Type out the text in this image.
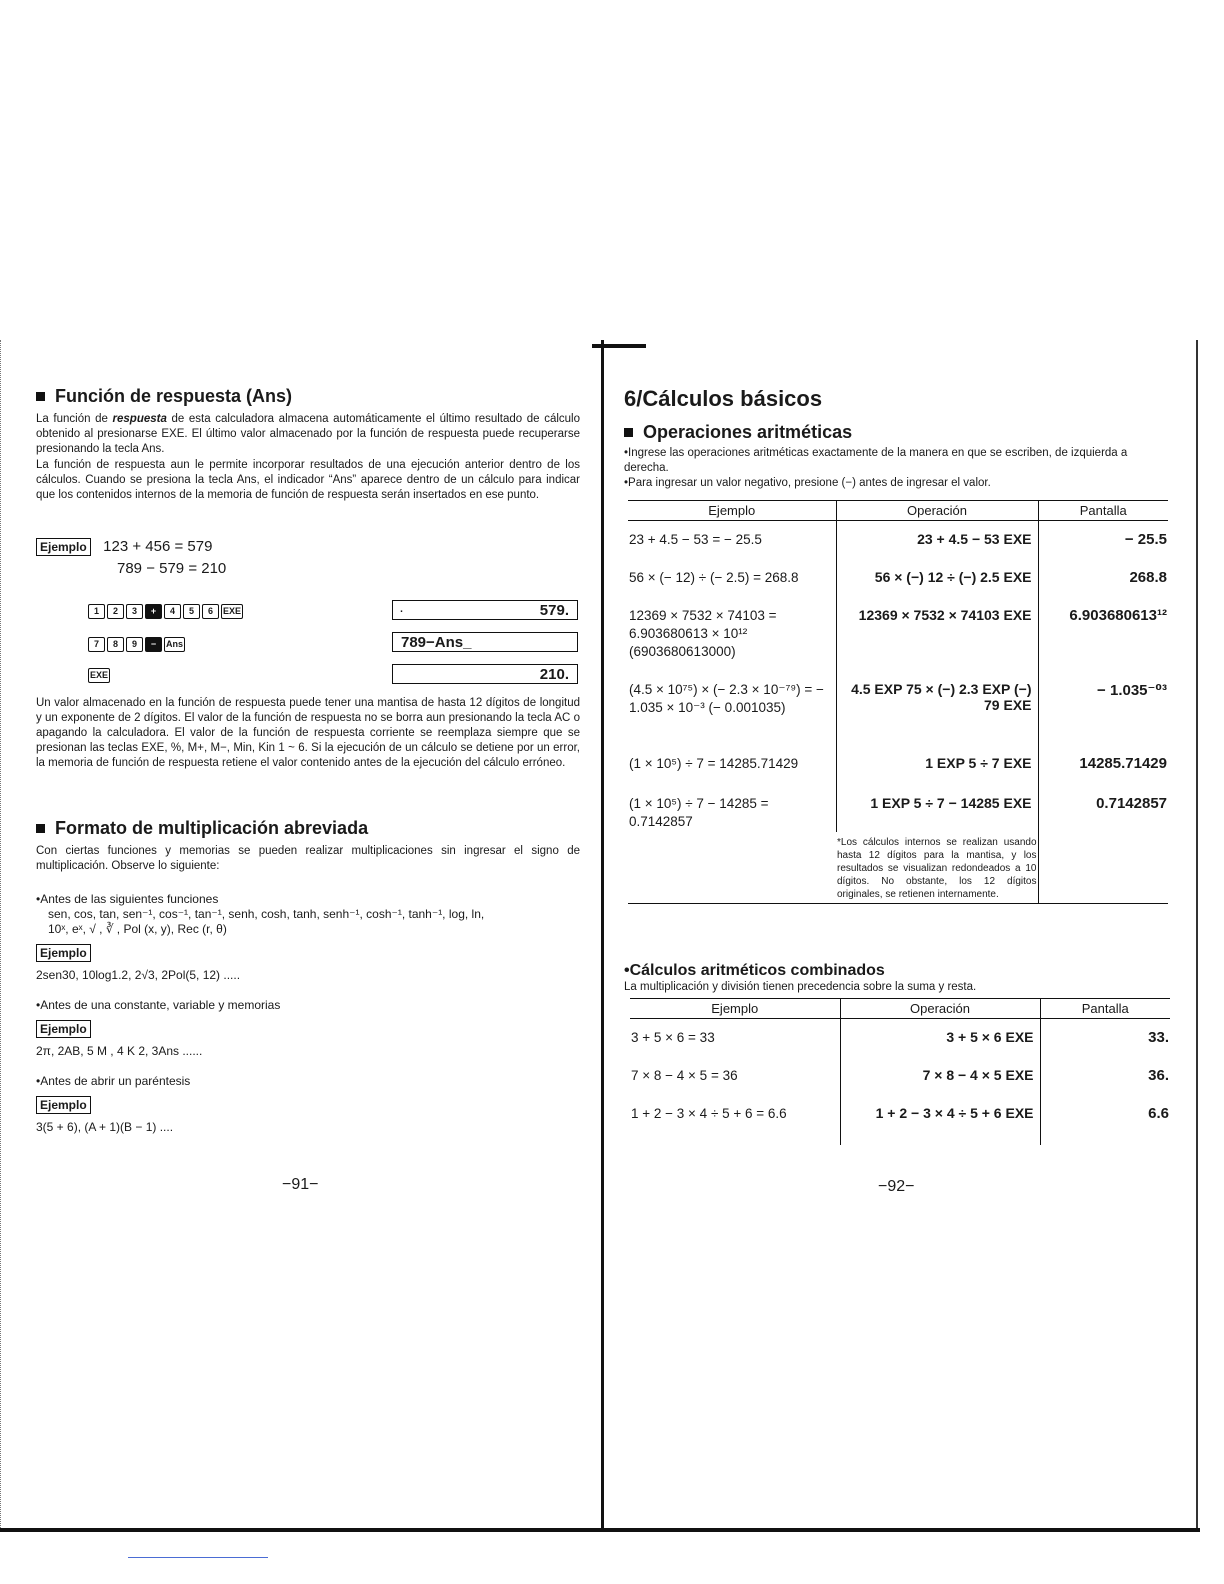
Función de respuesta (Ans)

La función de respuesta de esta calculadora almacena automáticamente el último resultado de cálculo obtenido al presionarse EXE. El último valor almacenado por la función de respuesta puede recuperarse presionando la tecla Ans.

La función de respuesta aun le permite incorporar resultados de una ejecución anterior dentro de los cálculos. Cuando se presiona la tecla Ans, el indicador “Ans” aparece dentro de un cálculo para indicar que los contenidos internos de la memoria de función de respuesta serán insertados en ese punto.

Ejemplo 123 + 456 = 579
789 − 579 = 210
1	2	3	+	4	5	6	EXE
7	8	9	−	Ans
EXE
·	579.
789−Ans_
210.

Un valor almacenado en la función de respuesta puede tener una mantisa de hasta 12 dígitos de longitud y un exponente de 2 dígitos. El valor de la función de respuesta no se borra aun presionando la tecla AC o apagando la calculadora. El valor de la función de respuesta corriente se reemplaza siempre que se presionan las teclas EXE, %, M+, M−, Min, Kin 1 ~ 6. Si la ejecución de un cálculo se detiene por un error, la memoria de función de respuesta retiene el valor contenido antes de la ejecución del cálculo erróneo.

Formato de multiplicación abreviada

Con ciertas funciones y memorias se pueden realizar multiplicaciones sin ingresar el signo de multiplicación. Observe lo siguiente:

•Antes de las siguientes funciones
sen, cos, tan, sen⁻¹, cos⁻¹, tan⁻¹, senh, cosh, tanh, senh⁻¹, cosh⁻¹, tanh⁻¹, log, ln,
10ˣ, eˣ, √ , ∛ , Pol (x, y), Rec (r, θ)
Ejemplo
2sen30, 10log1.2, 2√3, 2Pol(5, 12) .....
•Antes de una constante, variable y memorias
Ejemplo
2π, 2AB, 5 M , 4 K 2, 3Ans ......
•Antes de abrir un paréntesis
Ejemplo
3(5 + 6), (A + 1)(B − 1) ....
−91−
6/Cálculos básicos
Operaciones aritméticas

•Ingrese las operaciones aritméticas exactamente de la manera en que se escriben, de izquierda a derecha.

•Para ingresar un valor negativo, presione (−) antes de ingresar el valor.

Ejemplo	Operación	Pantalla
23 + 4.5 − 53 = − 25.5	23 + 4.5 − 53 EXE	− 25.5
56 × (− 12) ÷ (− 2.5) = 268.8	56 × (−) 12 ÷ (−) 2.5 EXE	268.8
12369 × 7532 × 74103 = 6.903680613 × 10¹² (6903680613000)	12369 × 7532 × 74103 EXE	6.903680613¹²
(4.5 × 10⁷⁵) × (− 2.3 × 10⁻⁷⁹) = − 1.035 × 10⁻³ (− 0.001035)	4.5 EXP 75 × (−) 2.3 EXP (−) 79 EXE	− 1.035⁻⁰³
(1 × 10⁵) ÷ 7 = 14285.71429	1 EXP 5 ÷ 7 EXE	14285.71429
(1 × 10⁵) ÷ 7 − 14285 = 0.7142857	1 EXP 5 ÷ 7 − 14285 EXE	0.7142857
	*Los cálculos internos se realizan usando hasta 12 dígitos para la mantisa, y los resultados se visualizan redondeados a 10 dígitos. No obstante, los 12 dígitos originales, se retienen internamente.	
•Cálculos aritméticos combinados

La multiplicación y división tienen precedencia sobre la suma y resta.

Ejemplo	Operación	Pantalla
3 + 5 × 6 = 33	3 + 5 × 6 EXE	33.
7 × 8 − 4 × 5 = 36	7 × 8 − 4 × 5 EXE	36.
1 + 2 − 3 × 4 ÷ 5 + 6 = 6.6	1 + 2 − 3 × 4 ÷ 5 + 6 EXE	6.6
−92−
